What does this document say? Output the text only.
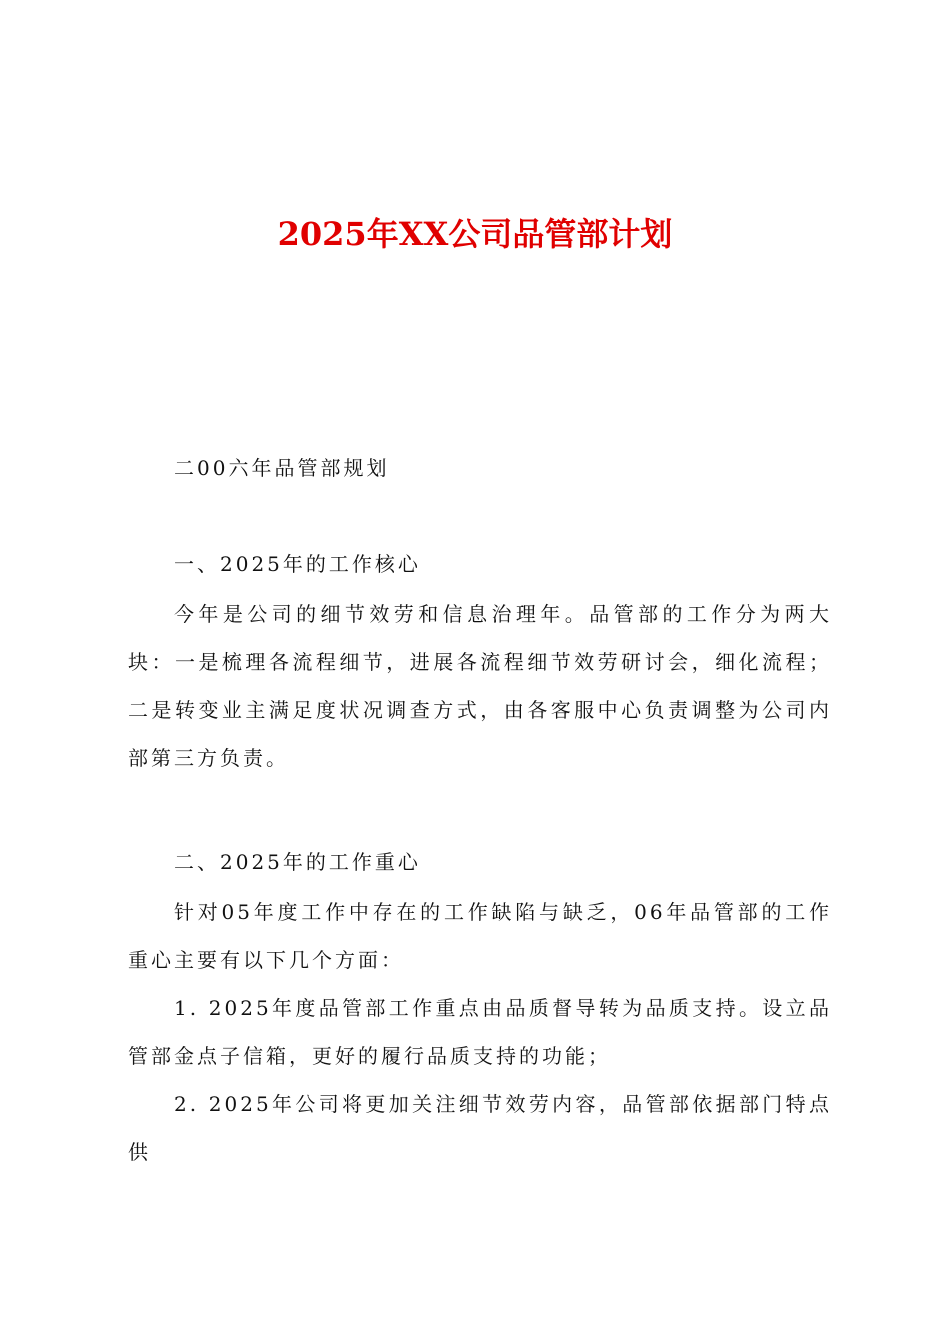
2025年XX公司品管部计划

二00六年品管部规划

一、2025年的工作核心

今年是公司的细节效劳和信息治理年。品管部的工作分为两大块：一是梳理各流程细节，进展各流程细节效劳研讨会，细化流程；二是转变业主满足度状况调查方式，由各客服中心负责调整为公司内部第三方负责。

二、2025年的工作重心

针对05年度工作中存在的工作缺陷与缺乏，06年品管部的工作重心主要有以下几个方面：

1. 2025年度品管部工作重点由品质督导转为品质支持。设立品管部金点子信箱，更好的履行品质支持的功能；

2. 2025年公司将更加关注细节效劳内容，品管部依据部门特点供
